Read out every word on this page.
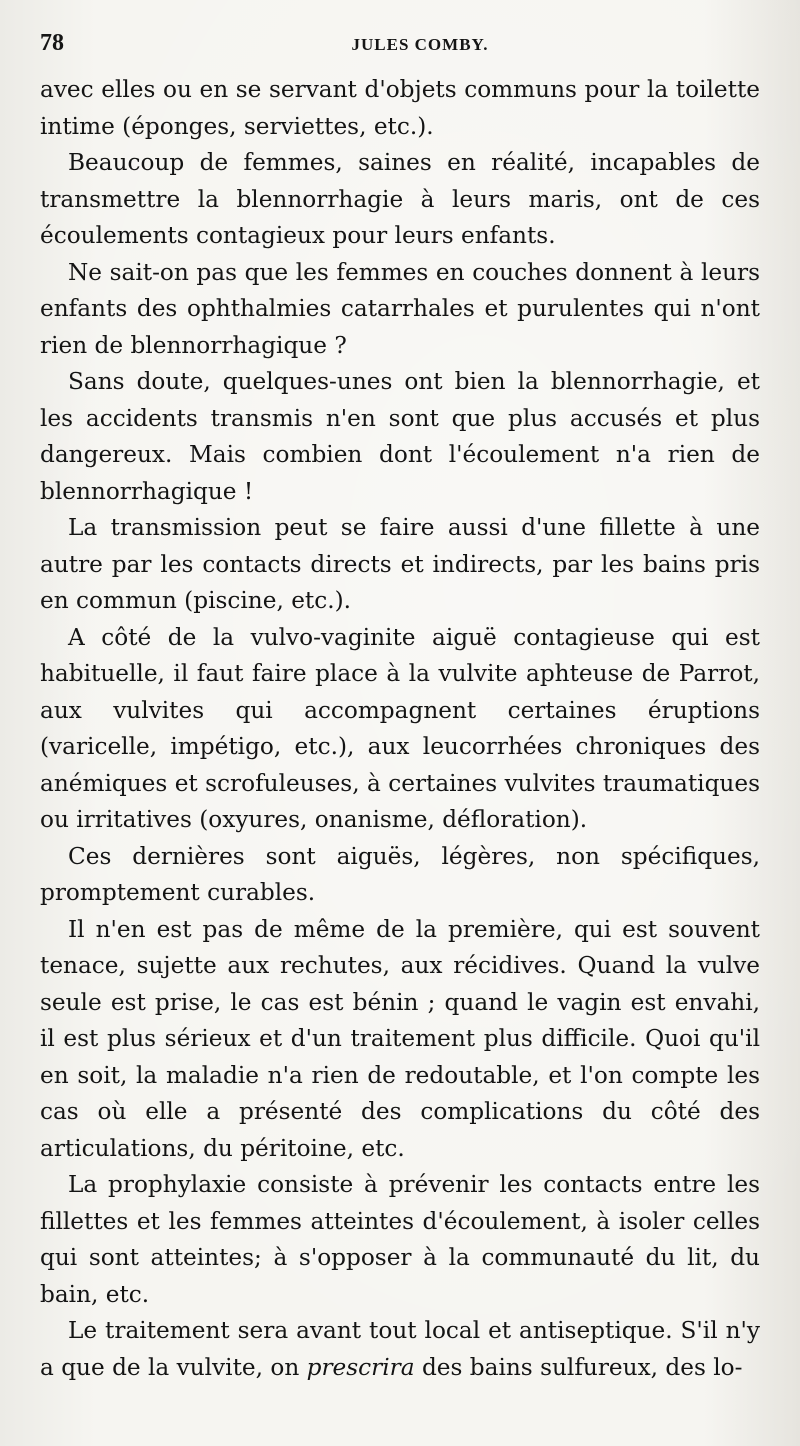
78	JULES COMBY.

avec elles ou en se servant d'objets communs pour la toilette intime (éponges, serviettes, etc.).

Beaucoup de femmes, saines en réalité, incapables de transmettre la blennorrhagie à leurs maris, ont de ces écoulements contagieux pour leurs enfants.

Ne sait-on pas que les femmes en couches donnent à leurs enfants des ophthalmies catarrhales et purulentes qui n'ont rien de blennorrhagique ?

Sans doute, quelques-unes ont bien la blennorrhagie, et les accidents transmis n'en sont que plus accusés et plus dangereux. Mais combien dont l'écoulement n'a rien de blennorrhagique !

La transmission peut se faire aussi d'une fillette à une autre par les contacts directs et indirects, par les bains pris en commun (piscine, etc.).

A côté de la vulvo-vaginite aiguë contagieuse qui est habituelle, il faut faire place à la vulvite aphteuse de Parrot, aux vulvites qui accompagnent certaines éruptions (varicelle, impétigo, etc.), aux leucorrhées chroniques des anémiques et scrofuleuses, à certaines vulvites traumatiques ou irritatives (oxyures, onanisme, défloration).

Ces dernières sont aiguës, légères, non spécifiques, promptement curables.

Il n'en est pas de même de la première, qui est souvent tenace, sujette aux rechutes, aux récidives. Quand la vulve seule est prise, le cas est bénin ; quand le vagin est envahi, il est plus sérieux et d'un traitement plus difficile. Quoi qu'il en soit, la maladie n'a rien de redoutable, et l'on compte les cas où elle a présenté des complications du côté des articulations, du péritoine, etc.

La prophylaxie consiste à prévenir les contacts entre les fillettes et les femmes atteintes d'écoulement, à isoler celles qui sont atteintes; à s'opposer à la communauté du lit, du bain, etc.

Le traitement sera avant tout local et antiseptique. S'il n'y a que de la vulvite, on prescrira des bains sulfureux, des lo-
